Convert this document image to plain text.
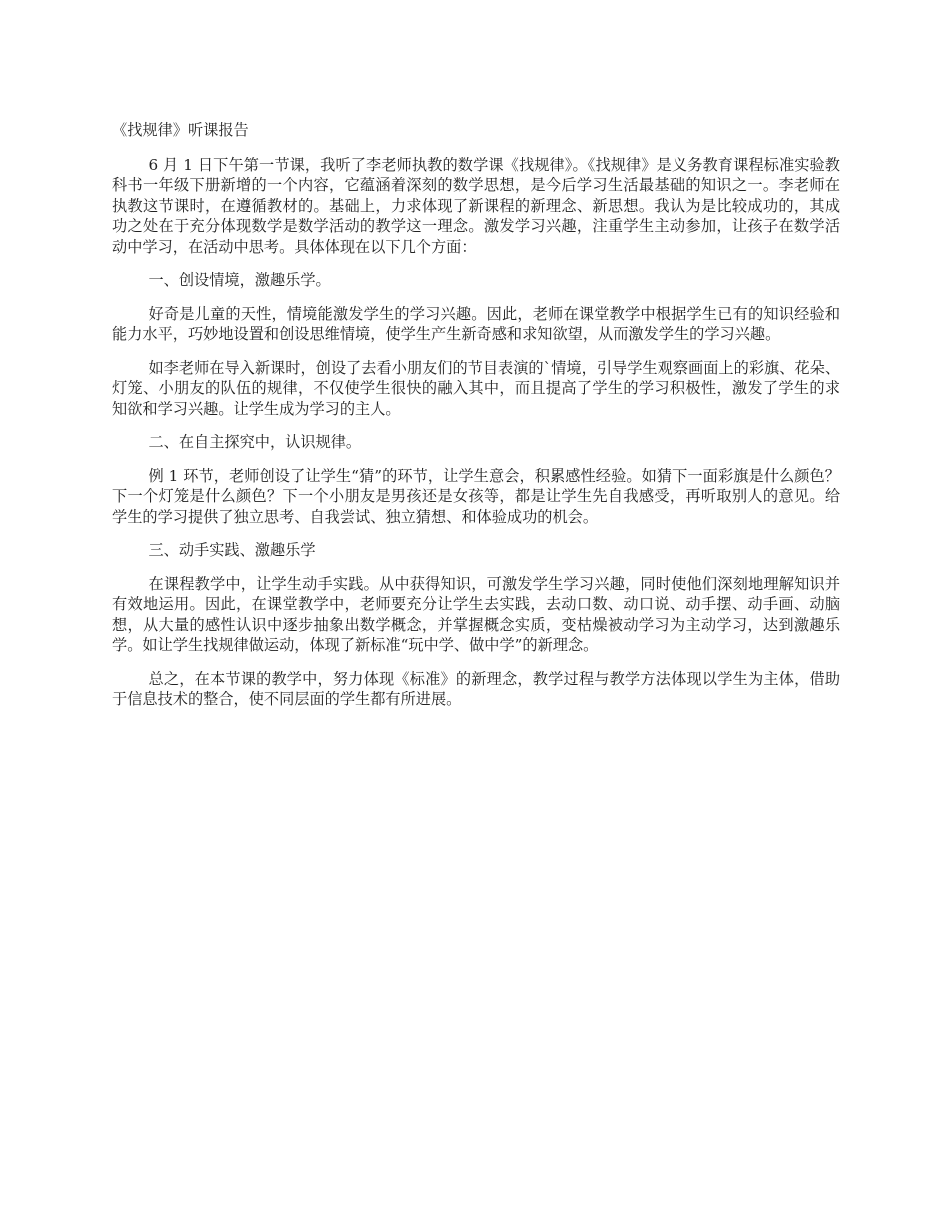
《找规律》听课报告

6 月 1 日下午第一节课，我听了李老师执教的数学课《找规律》。《找规律》是义务教育课程标准实验教科书一年级下册新增的一个内容，它蕴涵着深刻的数学思想，是今后学习生活最基础的知识之一。李老师在执教这节课时，在遵循教材的。基础上，力求体现了新课程的新理念、新思想。我认为是比较成功的，其成功之处在于充分体现数学是数学活动的教学这一理念。激发学习兴趣，注重学生主动参加，让孩子在数学活动中学习，在活动中思考。具体体现在以下几个方面：

一、创设情境，激趣乐学。

好奇是儿童的天性，情境能激发学生的学习兴趣。因此，老师在课堂教学中根据学生已有的知识经验和能力水平，巧妙地设置和创设思维情境，使学生产生新奇感和求知欲望，从而激发学生的学习兴趣。

如李老师在导入新课时，创设了去看小朋友们的节目表演的`情境，引导学生观察画面上的彩旗、花朵、灯笼、小朋友的队伍的规律，不仅使学生很快的融入其中，而且提高了学生的学习积极性，激发了学生的求知欲和学习兴趣。让学生成为学习的主人。

二、在自主探究中，认识规律。

例 1 环节，老师创设了让学生“猜”的环节，让学生意会，积累感性经验。如猜下一面彩旗是什么颜色？下一个灯笼是什么颜色？下一个小朋友是男孩还是女孩等，都是让学生先自我感受，再听取别人的意见。给学生的学习提供了独立思考、自我尝试、独立猜想、和体验成功的机会。

三、动手实践、激趣乐学

在课程教学中，让学生动手实践。从中获得知识，可激发学生学习兴趣，同时使他们深刻地理解知识并有效地运用。因此，在课堂教学中，老师要充分让学生去实践，去动口数、动口说、动手摆、动手画、动脑想，从大量的感性认识中逐步抽象出数学概念，并掌握概念实质，变枯燥被动学习为主动学习，达到激趣乐学。如让学生找规律做运动，体现了新标准“玩中学、做中学”的新理念。

总之，在本节课的教学中，努力体现《标准》的新理念，教学过程与教学方法体现以学生为主体，借助于信息技术的整合，使不同层面的学生都有所进展。
